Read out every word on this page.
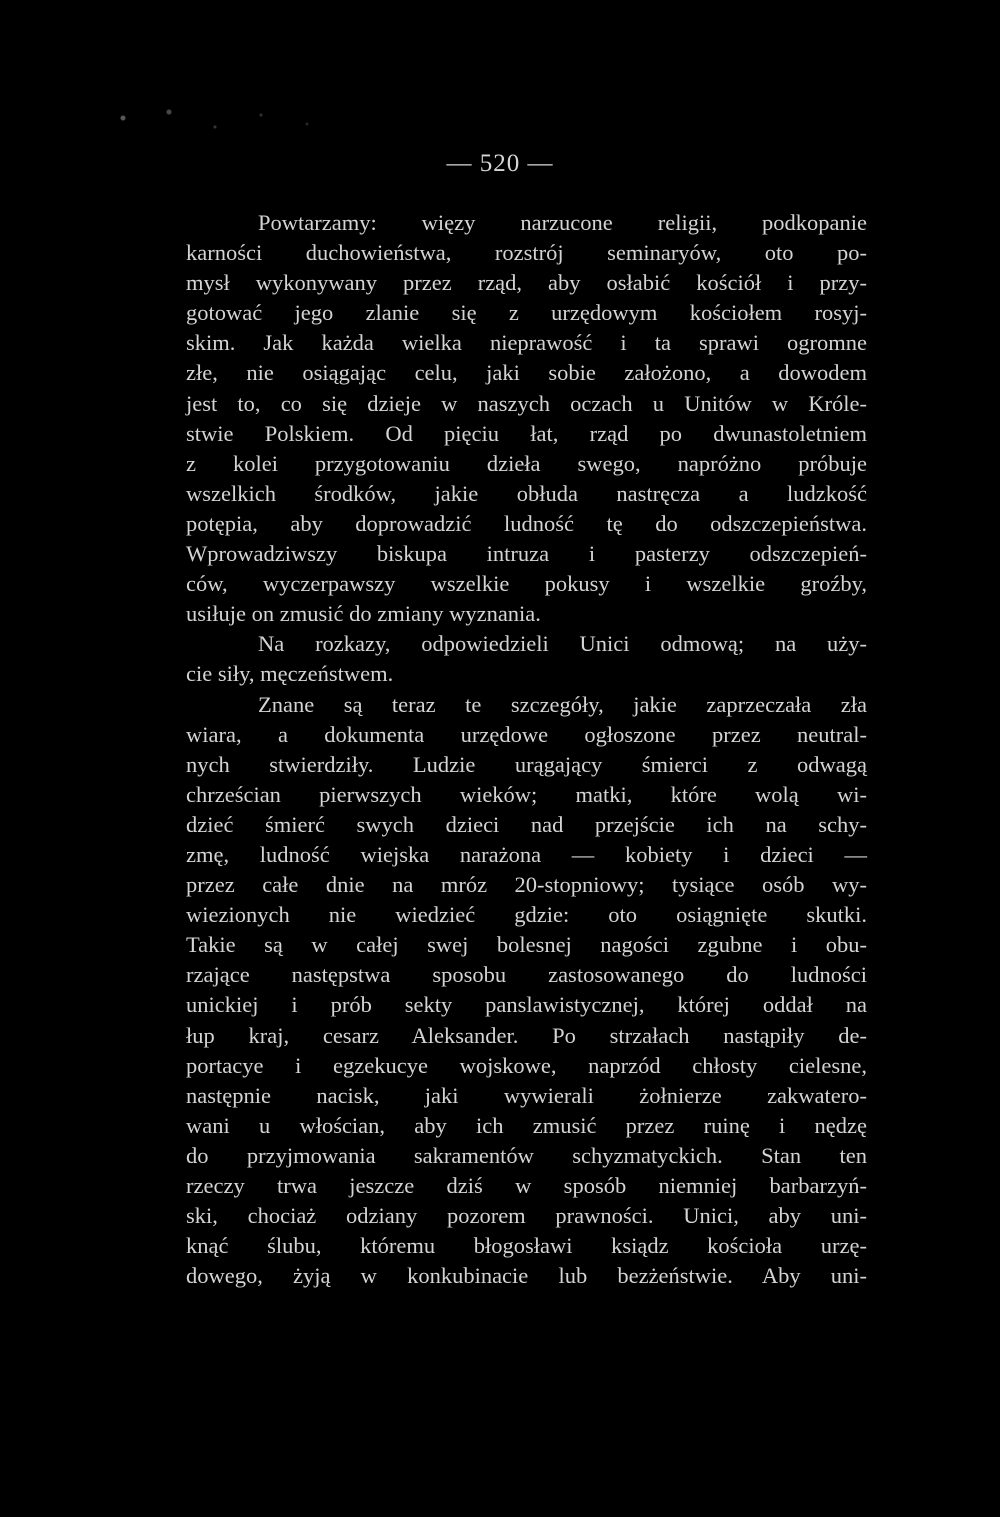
— 520 —
Powtarzamy: więzy narzucone religii, podkopanie
karności duchowieństwa, rozstrój seminaryów, oto po-
mysł wykonywany przez rząd, aby osłabić kościół i przy-
gotować jego zlanie się z urzędowym kościołem rosyj-
skim. Jak każda wielka nieprawość i ta sprawi ogromne
złe, nie osiągając celu, jaki sobie założono, a dowodem
jest to, co się dzieje w naszych oczach u Unitów w Króle-
stwie Polskiem. Od pięciu łat, rząd po dwunastoletniem
z kolei przygotowaniu dzieła swego, napróżno próbuje
wszelkich środków, jakie obłuda nastręcza a ludzkość
potępia, aby doprowadzić ludność tę do odszczepieństwa.
Wprowadziwszy biskupa intruza i pasterzy odszczepień-
ców, wyczerpawszy wszelkie pokusy i wszelkie groźby,
usiłuje on zmusić do zmiany wyznania.
Na rozkazy, odpowiedzieli Unici odmową; na uży-
cie siły, męczeństwem.
Znane są teraz te szczegóły, jakie zaprzeczała zła
wiara, a dokumenta urzędowe ogłoszone przez neutral-
nych stwierdziły. Ludzie urągający śmierci z odwagą
chrześcian pierwszych wieków; matki, które wolą wi-
dzieć śmierć swych dzieci nad przejście ich na schy-
zmę, ludność wiejska narażona — kobiety i dzieci —
przez całe dnie na mróz 20-stopniowy; tysiące osób wy-
wiezionych nie wiedzieć gdzie: oto osiągnięte skutki.
Takie są w całej swej bolesnej nagości zgubne i obu-
rzające następstwa sposobu zastosowanego do ludności
unickiej i prób sekty panslawistycznej, której oddał na
łup kraj, cesarz Aleksander. Po strzałach nastąpiły de-
portacye i egzekucye wojskowe, naprzód chłosty cielesne,
następnie nacisk, jaki wywierali żołnierze zakwatero-
wani u włościan, aby ich zmusić przez ruinę i nędzę
do przyjmowania sakramentów schyzmatyckich. Stan ten
rzeczy trwa jeszcze dziś w sposób niemniej barbarzyń-
ski, chociaż odziany pozorem prawności. Unici, aby uni-
knąć ślubu, któremu błogosławi ksiądz kościoła urzę-
dowego, żyją w konkubinacie lub bezżeństwie. Aby uni-
